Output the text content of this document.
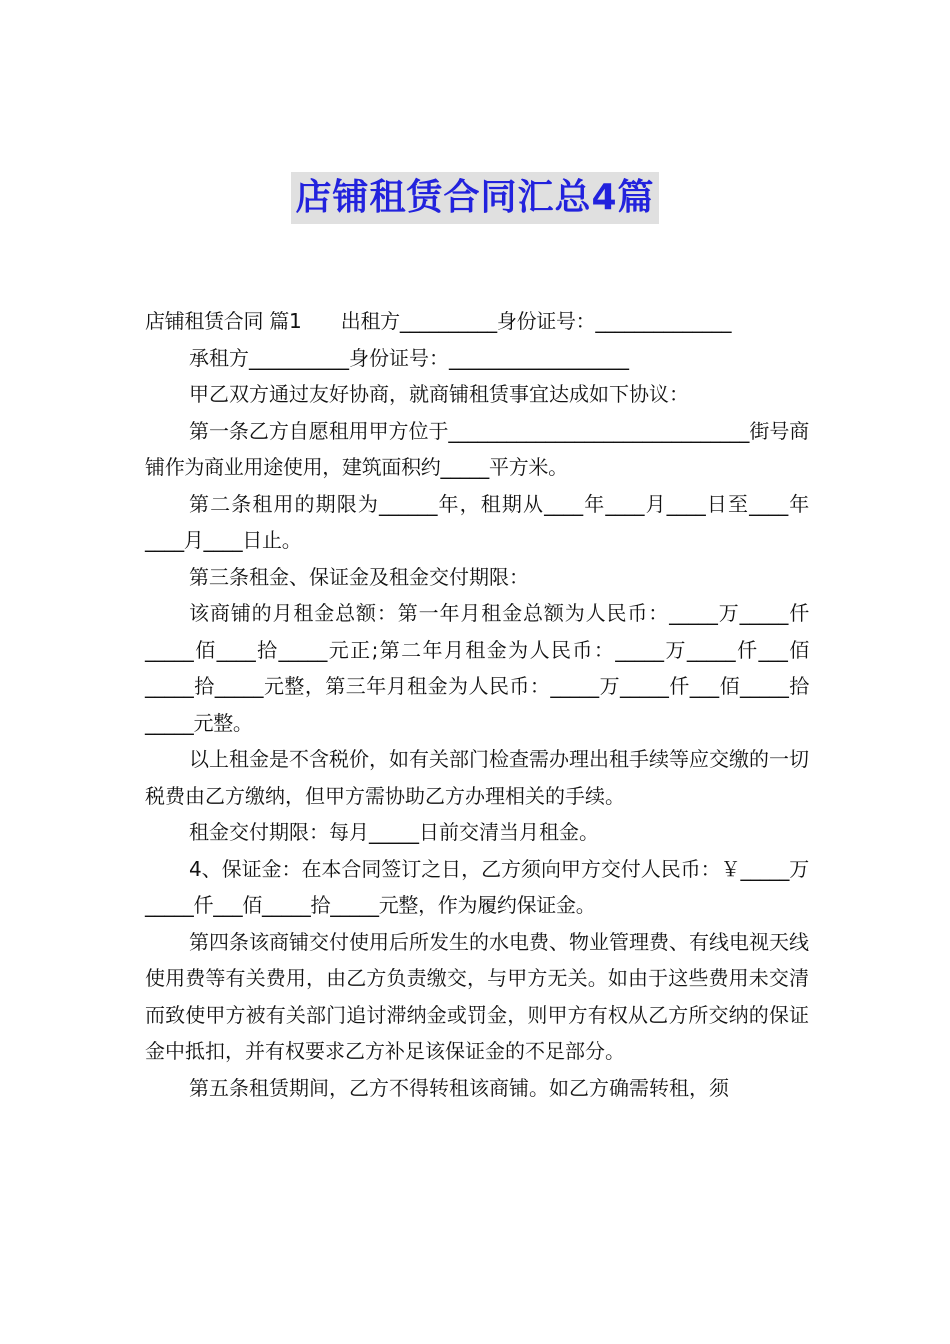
店铺租赁合同汇总4篇

店铺租赁合同 篇1　　出租方__________身份证号：______________

承租方__________身份证号：__________________

甲乙双方通过友好协商，就商铺租赁事宜达成如下协议：

第一条乙方自愿租用甲方位于_______________________________街号商铺作为商业用途使用，建筑面积约_____平方米。

第二条租用的期限为______年，租期从____年____月____日至____年____月____日止。

第三条租金、保证金及租金交付期限：

该商铺的月租金总额：第一年月租金总额为人民币：_____万_____仟_____佰____拾_____元正;第二年月租金为人民币：_____万_____仟___佰_____拾_____元整，第三年月租金为人民币：_____万_____仟___佰_____拾_____元整。

以上租金是不含税价，如有关部门检查需办理出租手续等应交缴的一切税费由乙方缴纳，但甲方需协助乙方办理相关的手续。

租金交付期限：每月_____日前交清当月租金。

4、保证金：在本合同签订之日，乙方须向甲方交付人民币：￥_____万_____仟___佰_____拾_____元整，作为履约保证金。

第四条该商铺交付使用后所发生的水电费、物业管理费、有线电视天线使用费等有关费用，由乙方负责缴交，与甲方无关。如由于这些费用未交清而致使甲方被有关部门追讨滞纳金或罚金，则甲方有权从乙方所交纳的保证金中抵扣，并有权要求乙方补足该保证金的不足部分。

第五条租赁期间，乙方不得转租该商铺。如乙方确需转租，须
